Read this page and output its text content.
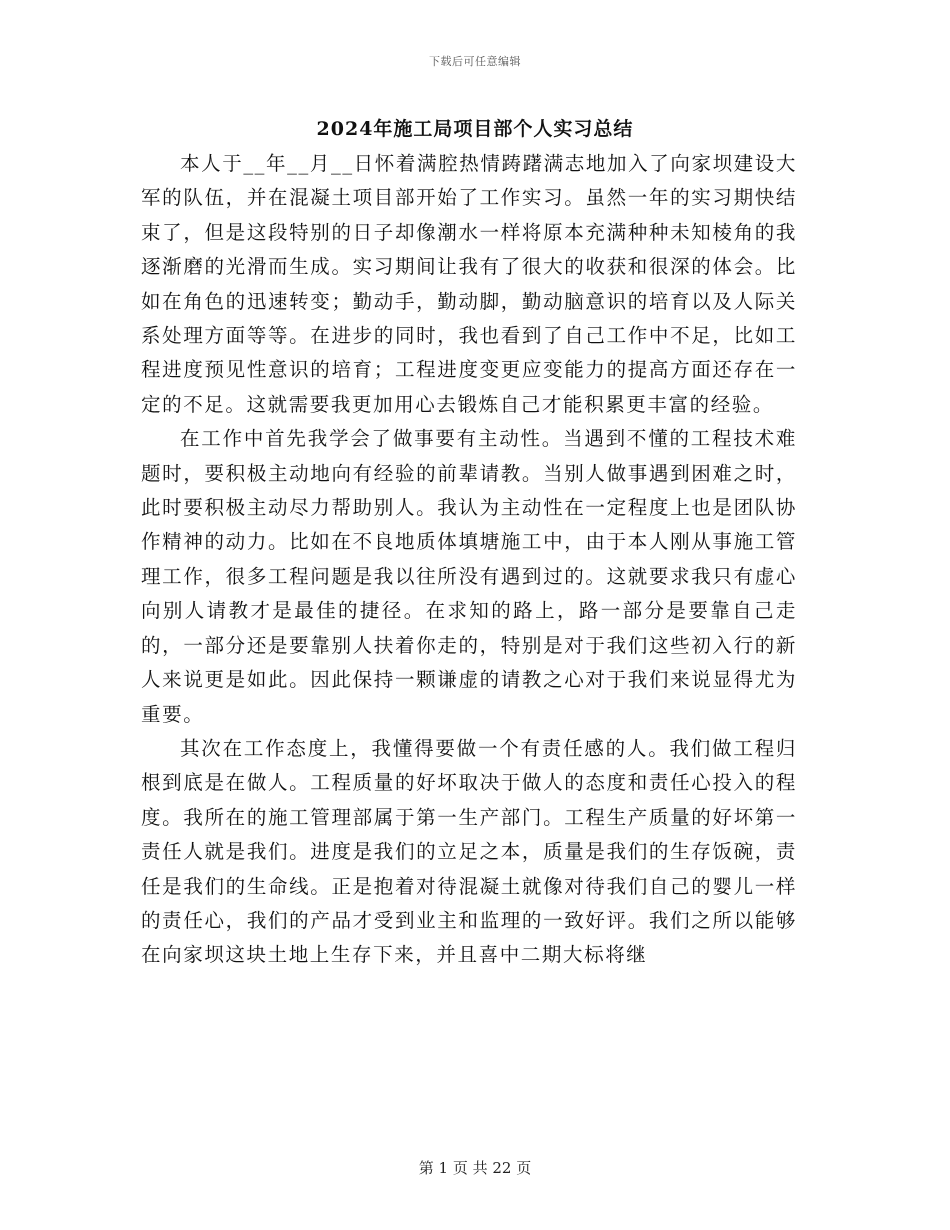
下载后可任意编辑
2024年施工局项目部个人实习总结

本人于__年__月__日怀着满腔热情踌躇满志地加入了向家坝建设大军的队伍，并在混凝土项目部开始了工作实习。虽然一年的实习期快结束了，但是这段特别的日子却像潮水一样将原本充满种种未知棱角的我逐渐磨的光滑而生成。实习期间让我有了很大的收获和很深的体会。比如在角色的迅速转变；勤动手，勤动脚，勤动脑意识的培育以及人际关系处理方面等等。在进步的同时，我也看到了自己工作中不足，比如工程进度预见性意识的培育；工程进度变更应变能力的提高方面还存在一定的不足。这就需要我更加用心去锻炼自己才能积累更丰富的经验。

在工作中首先我学会了做事要有主动性。当遇到不懂的工程技术难题时，要积极主动地向有经验的前辈请教。当别人做事遇到困难之时，此时要积极主动尽力帮助别人。我认为主动性在一定程度上也是团队协作精神的动力。比如在不良地质体填塘施工中，由于本人刚从事施工管理工作，很多工程问题是我以往所没有遇到过的。这就要求我只有虚心向别人请教才是最佳的捷径。在求知的路上，路一部分是要靠自己走的，一部分还是要靠别人扶着你走的，特别是对于我们这些初入行的新人来说更是如此。因此保持一颗谦虚的请教之心对于我们来说显得尤为重要。

其次在工作态度上，我懂得要做一个有责任感的人。我们做工程归根到底是在做人。工程质量的好坏取决于做人的态度和责任心投入的程度。我所在的施工管理部属于第一生产部门。工程生产质量的好坏第一责任人就是我们。进度是我们的立足之本，质量是我们的生存饭碗，责任是我们的生命线。正是抱着对待混凝土就像对待我们自己的婴儿一样的责任心，我们的产品才受到业主和监理的一致好评。我们之所以能够在向家坝这块土地上生存下来，并且喜中二期大标将继

第 1 页 共 22 页
